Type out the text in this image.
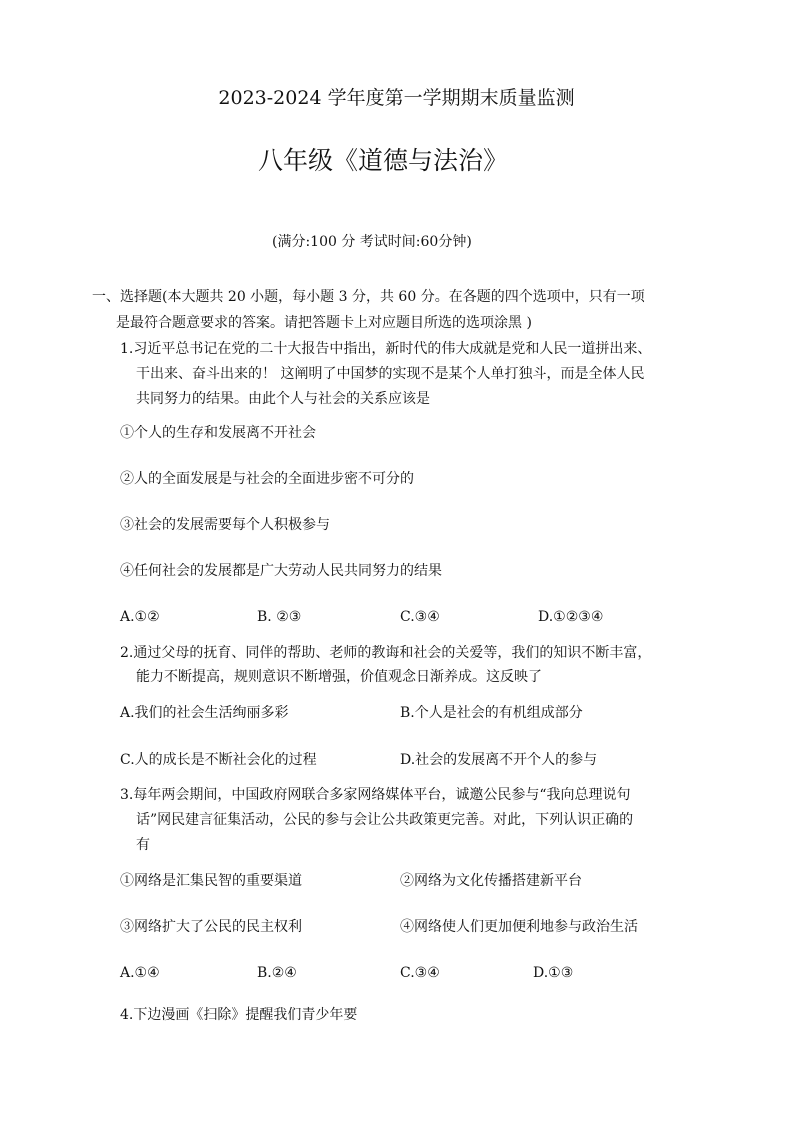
2023-2024 学年度第一学期期末质量监测
八年级《道德与法治》
(满分:100 分 考试时间:60分钟)
一、选择题(本大题共 20 小题，每小题 3 分，共 60 分。在各题的四个选项中，只有一项
是最符合题意要求的答案。请把答题卡上对应题目所选的选项涂黑 )
1.习近平总书记在党的二十大报告中指出，新时代的伟大成就是党和人民一道拼出来、
干出来、奋斗出来的！ 这阐明了中国梦的实现不是某个人单打独斗，而是全体人民
共同努力的结果。由此个人与社会的关系应该是
①个人的生存和发展离不开社会
②人的全面发展是与社会的全面进步密不可分的
③社会的发展需要每个人积极参与
④任何社会的发展都是广大劳动人民共同努力的结果
A.①②	B. ②③	C.③④	D.①②③④
2.通过父母的抚育、同伴的帮助、老师的教诲和社会的关爱等，我们的知识不断丰富，
能力不断提高，规则意识不断增强，价值观念日渐养成。这反映了
A.我们的社会生活绚丽多彩	B.个人是社会的有机组成部分
C.人的成长是不断社会化的过程	D.社会的发展离不开个人的参与
3.每年两会期间，中国政府网联合多家网络媒体平台，诚邀公民参与“我向总理说句
话”网民建言征集活动，公民的参与会让公共政策更完善。对此，下列认识正确的
有
①网络是汇集民智的重要渠道	②网络为文化传播搭建新平台
③网络扩大了公民的民主权利	④网络使人们更加便利地参与政治生活
A.①④	B.②④	C.③④	D.①③
4.下边漫画《扫除》提醒我们青少年要
